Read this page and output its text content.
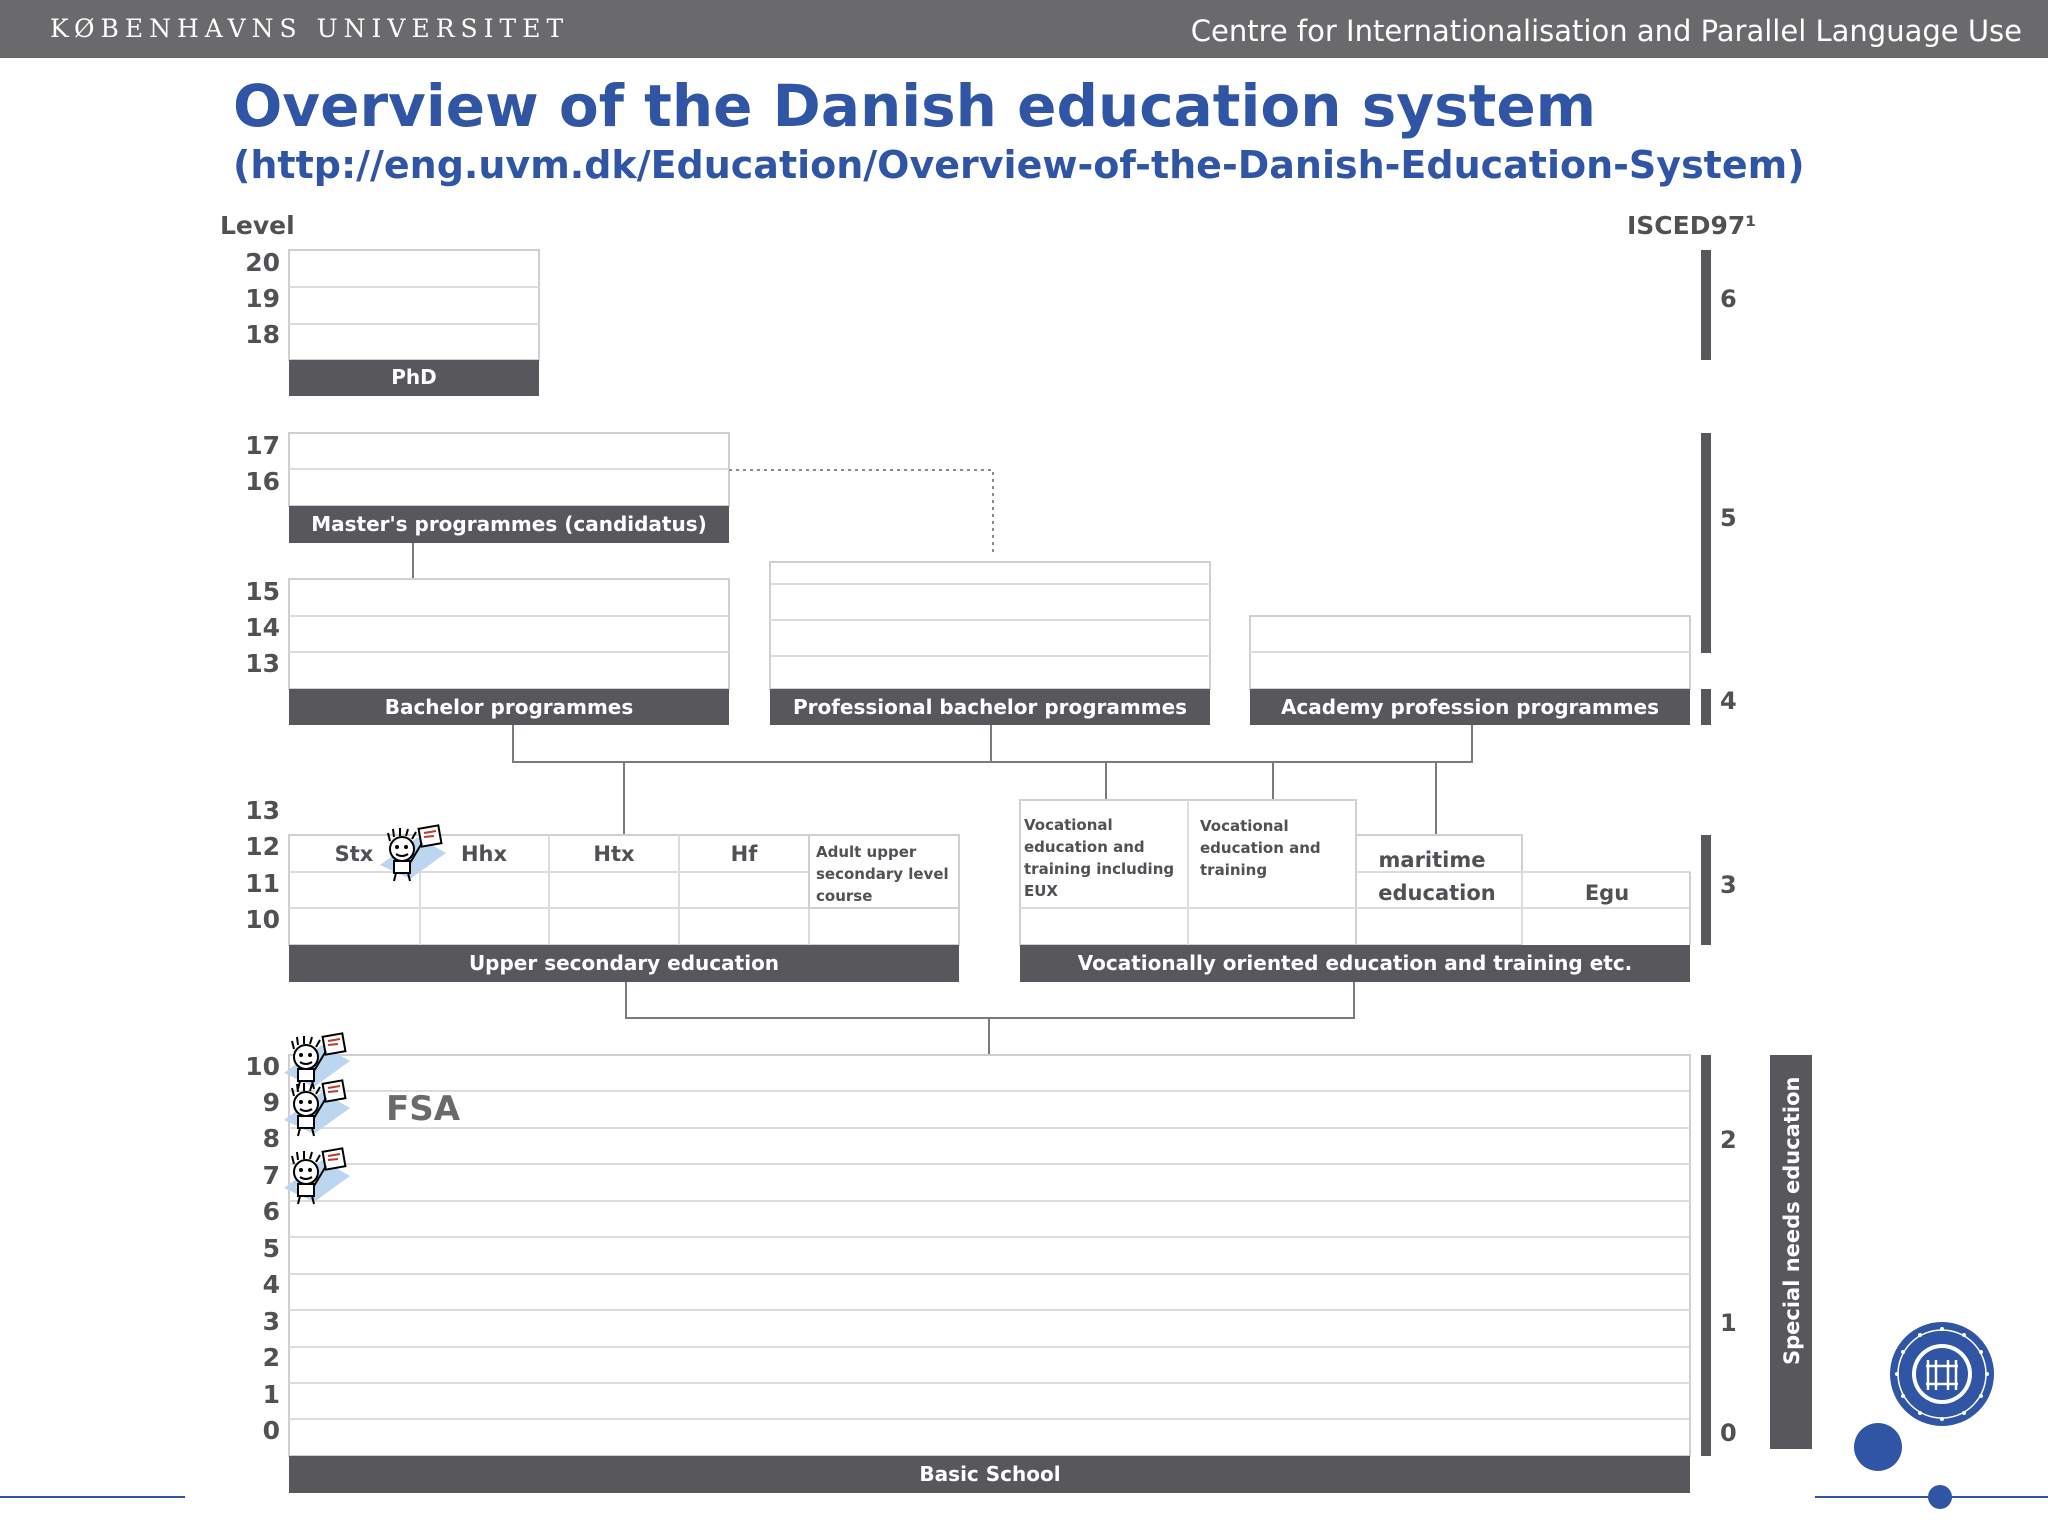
KØBENHAVNS UNIVERSITET	Centre for Internationalisation and Parallel Language Use
Overview of the Danish education system
(http://eng.uvm.dk/Education/Overview-of-the-Danish-Education-System)
Level	ISCED97¹
20
19
18
17
16
15
14
13
13
12
11
10
10
9
8
7
6
5
4
3
2
1
0
PhD
Master's programmes (candidatus)
Bachelor programmes	Professional bachelor programmes	Academy profession programmes
Stx	Hhx	Htx	Hf	Adult upper
secondary level
course
Upper secondary education
Vocational
education and
training including
EUX
Vocational
education and
training	maritime
education	Egu
Vocationally oriented education and training etc.
Basic School
FSA
6
5
4
3
2
1
0
Special needs education
